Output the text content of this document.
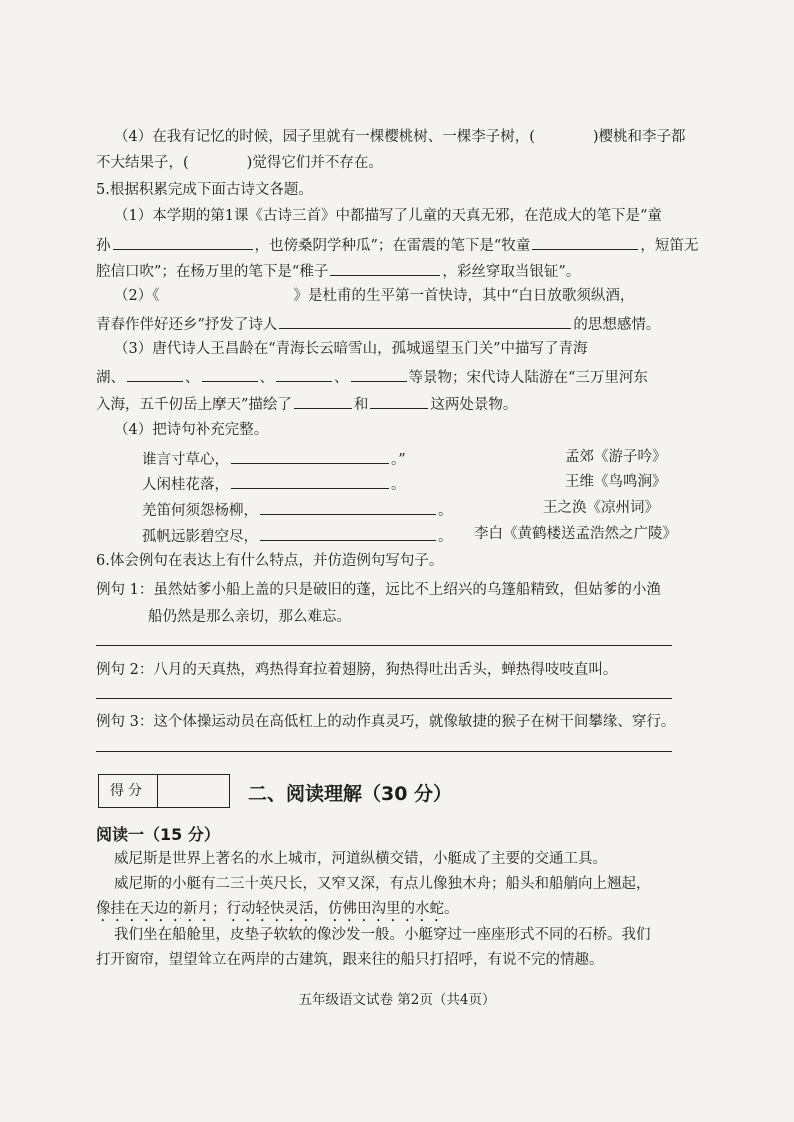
（4）在我有记忆的时候，园子里就有一棵樱桃树、一棵李子树，(	)樱桃和李子都
不大结果子，(	)觉得它们并不存在。
5.根据积累完成下面古诗文各题。
（1）本学期的第1课《古诗三首》中都描写了儿童的天真无邪，在范成大的笔下是“童
孙	，也傍桑阴学种瓜”；在雷震的笔下是“牧童	，短笛无
腔信口吹”；在杨万里的笔下是“稚子	，彩丝穿取当银钲”。
（2）《	》是杜甫的生平第一首快诗，其中“白日放歌须纵酒，
青春作伴好还乡”抒发了诗人	的思想感情。
（3）唐代诗人王昌龄在“青海长云暗雪山，孤城遥望玉门关”中描写了青海
湖、	、	、	、	等景物；宋代诗人陆游在“三万里河东
入海，五千仞岳上摩天”描绘了	和	这两处景物。
（4）把诗句补充完整。
谁言寸草心，	。”	孟郊《游子吟》
人闲桂花落，	。	王维《鸟鸣涧》
羌笛何须怨杨柳，	。	王之涣《凉州词》
孤帆远影碧空尽，	。 李白《黄鹤楼送孟浩然之广陵》
6.体会例句在表达上有什么特点，并仿造例句写句子。
例句 1：虽然姑爹小船上盖的只是破旧的蓬，远比不上绍兴的乌篷船精致，但姑爹的小渔
船仍然是那么亲切，那么难忘。
例句 2：八月的天真热，鸡热得耷拉着翅膀，狗热得吐出舌头，蝉热得吱吱直叫。
例句 3：这个体操运动员在高低杠上的动作真灵巧，就像敏捷的猴子在树干间攀缘、穿行。
得分	二、阅读理解（30 分）
阅读一（15 分）
威尼斯是世界上著名的水上城市，河道纵横交错，小艇成了主要的交通工具。
威尼斯的小艇有二三十英尺长，又窄又深，有点儿像独木舟；船头和船艄向上翘起，
像挂在天边的新月；行动轻快灵活，仿佛田沟里的水蛇。
我们坐在船舱里，皮垫子软软的像沙发一般。小艇穿过一座座形式不同的石桥。我们
打开窗帘，望望耸立在两岸的古建筑，跟来往的船只打招呼，有说不完的情趣。
五年级语文试卷 第2页（共4页）
